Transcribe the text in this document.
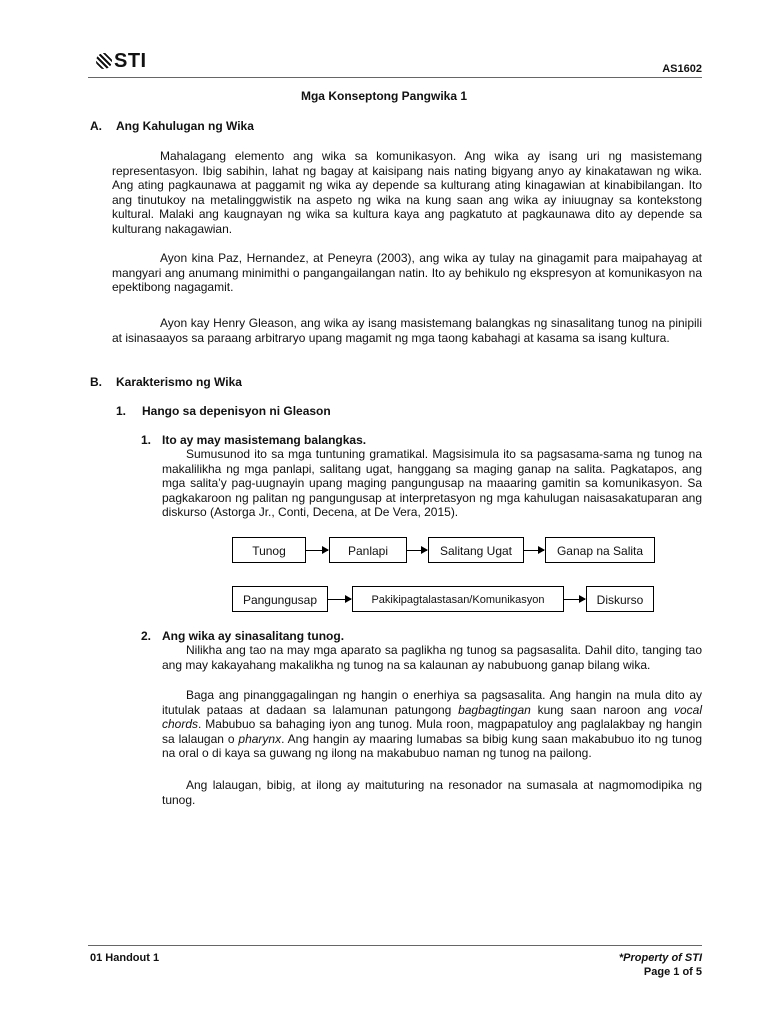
STI	AS1602
Mga Konseptong Pangwika 1
A. Ang Kahulugan ng Wika
Mahalagang elemento ang wika sa komunikasyon. Ang wika ay isang uri ng masistemang representasyon. Ibig sabihin, lahat ng bagay at kaisipang nais nating bigyang anyo ay kinakatawan ng wika. Ang ating pagkaunawa at paggamit ng wika ay depende sa kulturang ating kinagawian at kinabibilangan. Ito ang tinutukoy na metalinggwistik na aspeto ng wika na kung saan ang wika ay iniuugnay sa kontekstong kultural. Malaki ang kaugnayan ng wika sa kultura kaya ang pagkatuto at pagkaunawa dito ay depende sa kulturang nakagawian.
Ayon kina Paz, Hernandez, at Peneyra (2003), ang wika ay tulay na ginagamit para maipahayag at mangyari ang anumang minimithi o pangangailangan natin. Ito ay behikulo ng ekspresyon at komunikasyon na epektibong nagagamit.
Ayon kay Henry Gleason, ang wika ay isang masistemang balangkas ng sinasalitang tunog na pinipili at isinasaayos sa paraang arbitraryo upang magamit ng mga taong kabahagi at kasama sa isang kultura.
B. Karakterismo ng Wika
1. Hango sa depenisyon ni Gleason
1. Ito ay may masistemang balangkas.
Sumusunod ito sa mga tuntuning gramatikal. Magsisimula ito sa pagsasama-sama ng tunog na makalilikha ng mga panlapi, salitang ugat, hanggang sa maging ganap na salita. Pagkatapos, ang mga salita’y pag-uugnayin upang maging pangungusap na maaaring gamitin sa komunikasyon. Sa pagkakaroon ng palitan ng pangungusap at interpretasyon ng mga kahulugan naisasakatuparan ang diskurso (Astorga Jr., Conti, Decena, at De Vera, 2015).
Tunog	Panlapi	Salitang Ugat	Ganap na Salita
Pangungusap	Pakikipagtalastasan/Komunikasyon	Diskurso
2. Ang wika ay sinasalitang tunog.
Nilikha ang tao na may mga aparato sa paglikha ng tunog sa pagsasalita. Dahil dito, tanging tao ang may kakayahang makalikha ng tunog na sa kalaunan ay nabubuong ganap bilang wika.
Baga ang pinanggagalingan ng hangin o enerhiya sa pagsasalita. Ang hangin na mula dito ay itutulak pataas at dadaan sa lalamunan patungong bagbagtingan kung saan naroon ang vocal chords. Mabubuo sa bahaging iyon ang tunog. Mula roon, magpapatuloy ang paglalakbay ng hangin sa lalaugan o pharynx. Ang hangin ay maaring lumabas sa bibig kung saan makabubuo ito ng tunog na oral o di kaya sa guwang ng ilong na makabubuo naman ng tunog na pailong.
Ang lalaugan, bibig, at ilong ay maituturing na resonador na sumasala at nagmomodipika ng tunog.
01 Handout 1	*Property of STI
Page 1 of 5
